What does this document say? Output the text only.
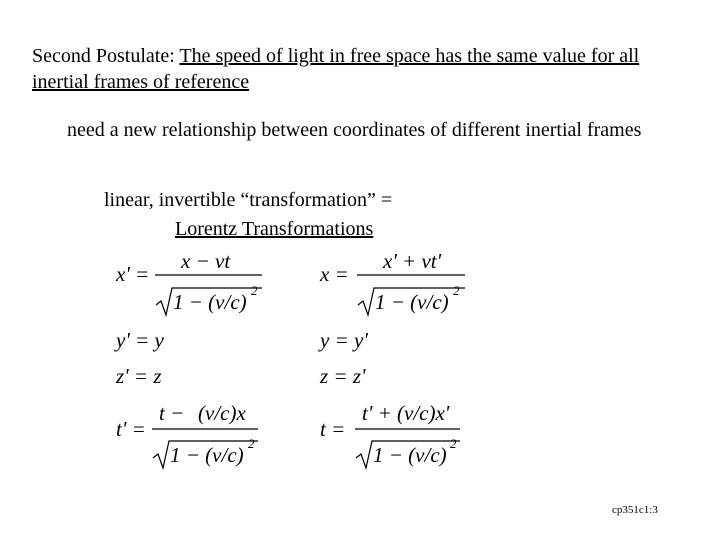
Second Postulate: The speed of light in free space has the same value for all inertial frames of reference
need a new relationship between coordinates of different inertial frames
linear, invertible “transformation” =
Lorentz Transformations
x' =
x − vt
1 − (v/c) 2
x =
x' + vt'
1 − (v/c) 2
y' = y	y = y'
z' = z	z = z'
t' =
t − (v/c)x
1 − (v/c) 2
t =
t' + (v/c)x'
1 − (v/c) 2
cp351c1:3
